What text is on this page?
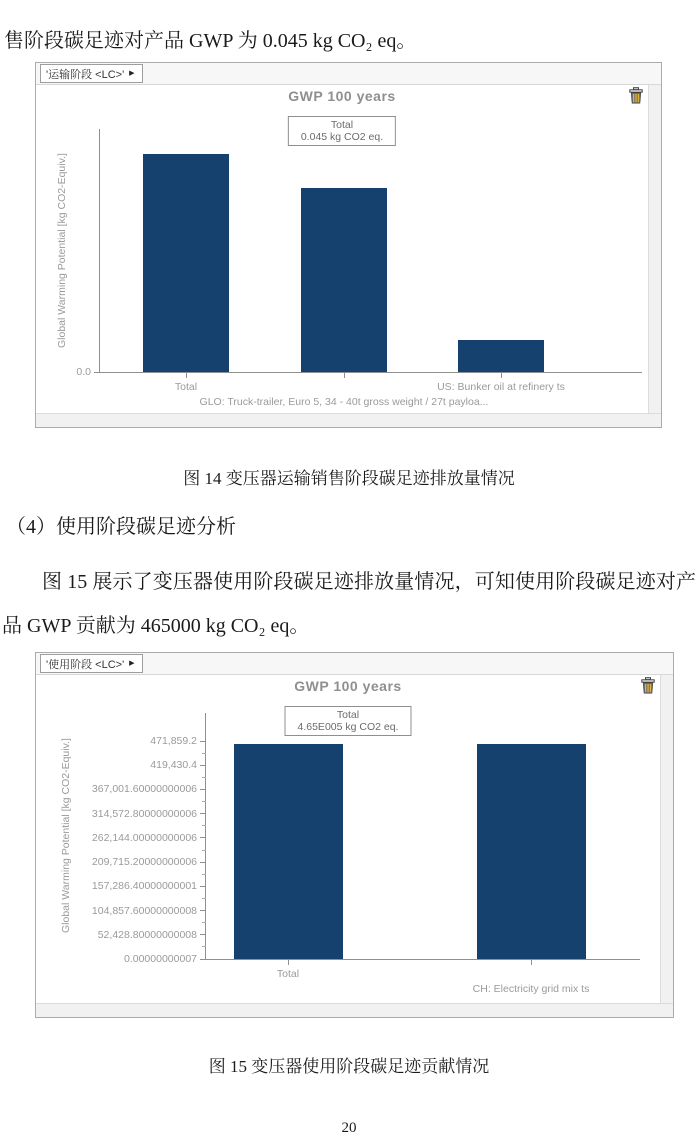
售阶段碳足迹对产品 GWP 为 0.045 kg CO₂ eq。

'运输阶段 <LC>' ▶
GWP 100 years
Total
0.045 kg CO2 eq.
Global Warming Potential [kg CO2-Equiv.]
Total
GLO: Truck-trailer, Euro 5, 34 - 40t gross weight / 27t payloa...
US: Bunker oil at refinery ts
0.0

图 14 变压器运输销售阶段碳足迹排放量情况

（4）使用阶段碳足迹分析

图 15 展示了变压器使用阶段碳足迹排放量情况，可知使用阶段碳足迹对产品 GWP 贡献为 465000 kg CO₂ eq。

'使用阶段 <LC>' ▶
GWP 100 years
Total
4.65E005 kg CO2 eq.
Global Warming Potential [kg CO2-Equiv.]
Total
CH: Electricity grid mix ts
471,859.2
419,430.4
367,001.60000000006
314,572.80000000006
262,144.00000000006
209,715.20000000006
157,286.40000000001
104,857.60000000008
52,428.80000000008
0.00000000007

图 15 变压器使用阶段碳足迹贡献情况

20
